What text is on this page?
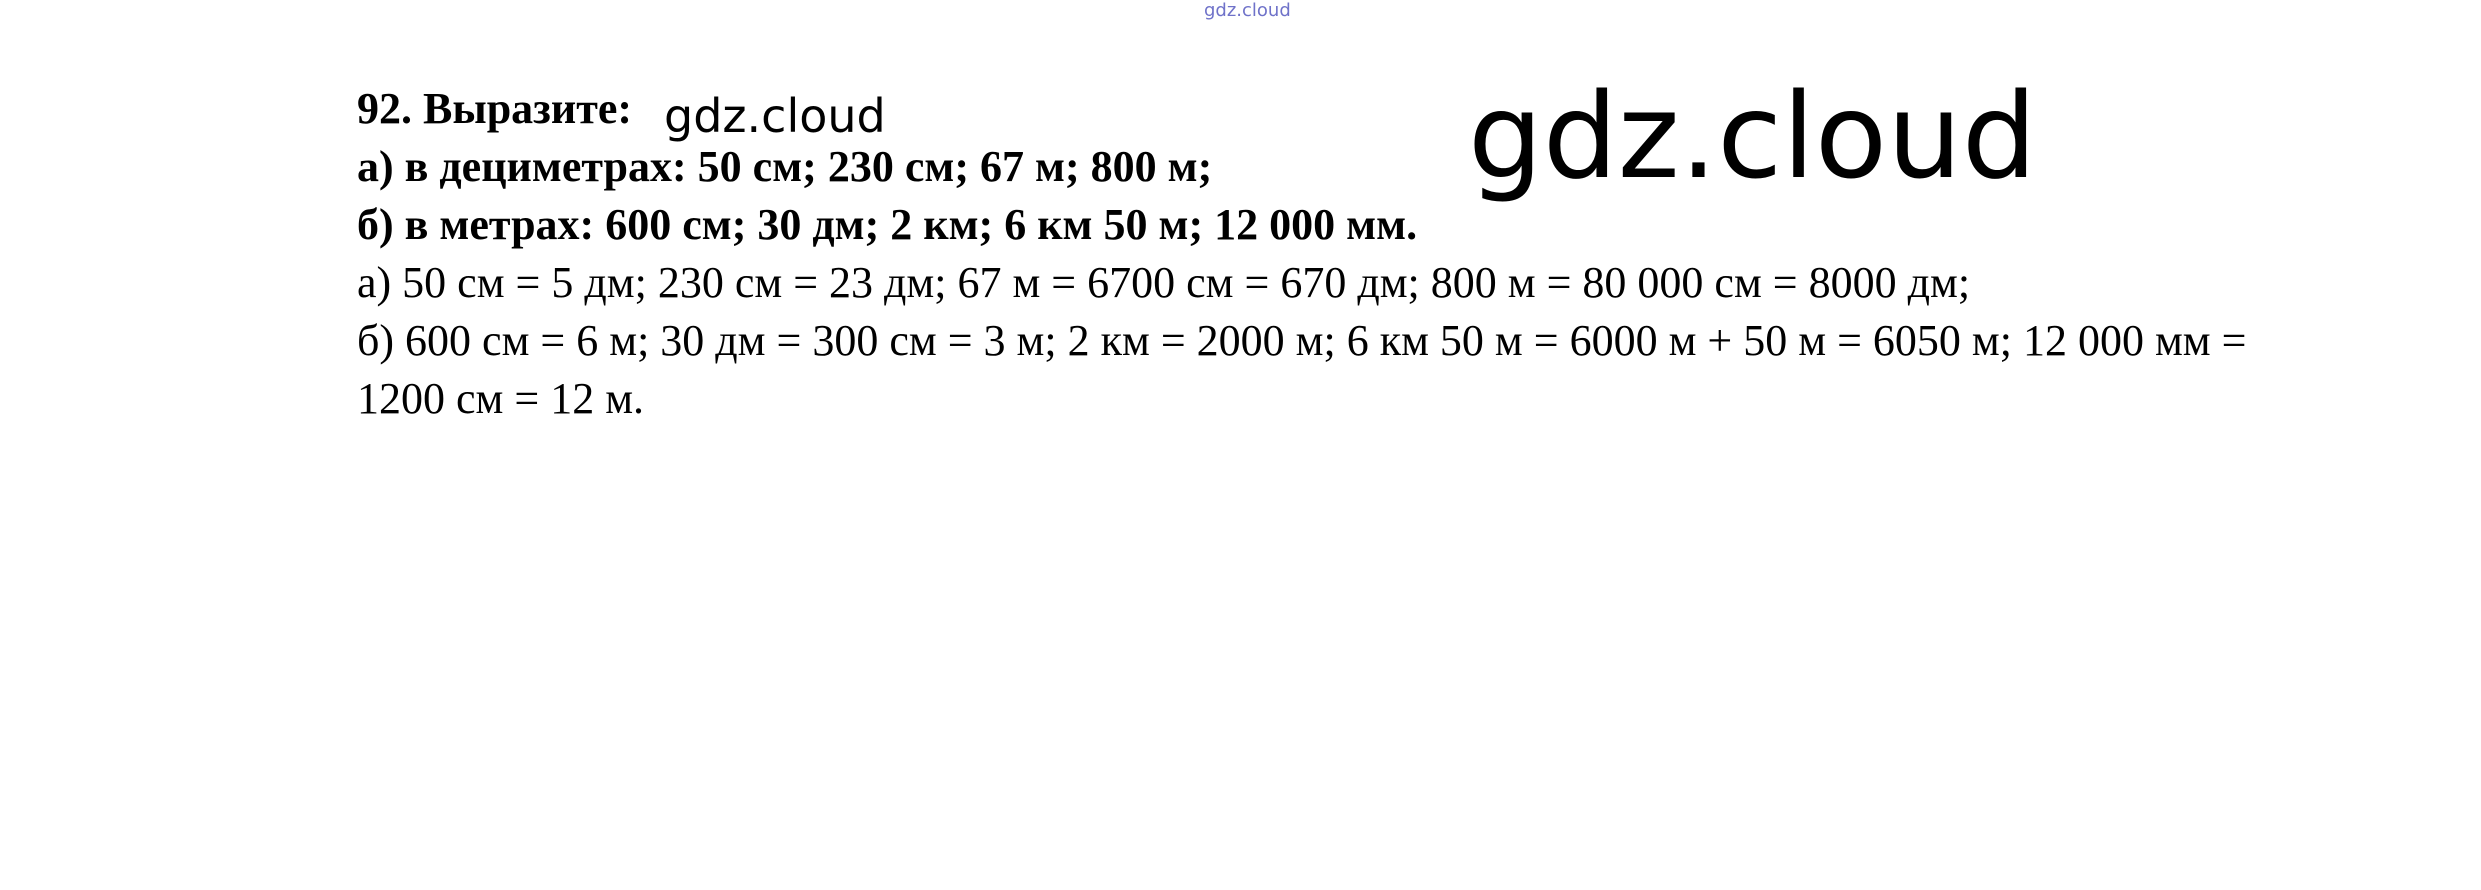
gdz.cloud
92. Выразите:
а) в дециметрах: 50 см; 230 см; 67 м; 800 м;
б) в метрах: 600 см; 30 дм; 2 км; 6 км 50 м; 12 000 мм.
а) 50 см = 5 дм; 230 см = 23 дм; 67 м = 6700 см = 670 дм; 800 м = 80 000 см = 8000 дм;
б) 600 см = 6 м; 30 дм = 300 см = 3 м; 2 км = 2000 м; 6 км 50 м = 6000 м + 50 м = 6050 м; 12 000 мм = 1200 см = 12 м.
gdz.cloud	gdz.cloud
